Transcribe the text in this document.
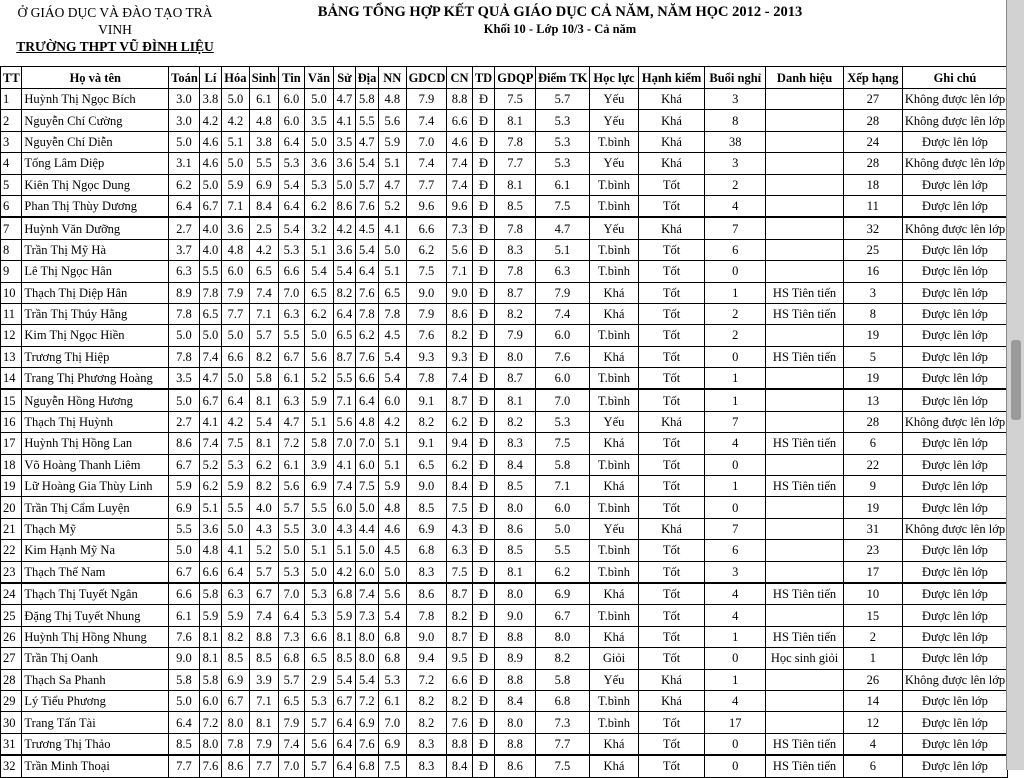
Ở GIÁO DỤC VÀ ĐÀO TẠO TRÀ VINH
TRƯỜNG THPT VŨ ĐÌNH LIỆU
BẢNG TỔNG HỢP KẾT QUẢ GIÁO DỤC CẢ NĂM, NĂM HỌC 2012 - 2013
Khối 10 - Lớp 10/3 - Cả năm
TT	Họ và tên	Toán	Lí	Hóa	Sinh	Tin	Văn	Sử	Địa	NN	GDCD	CN	TD	GDQP	Điểm TK	Học lực	Hạnh kiểm	Buổi nghỉ	Danh hiệu	Xếp hạng	Ghi chú
1	Huỳnh Thị Ngọc Bích	3.0	3.8	5.0	6.1	6.0	5.0	4.7	5.8	4.8	7.9	8.8	Đ	7.5	5.7	Yếu	Khá	3		27	Không được lên lớp
2	Nguyễn Chí Cường	3.0	4.2	4.2	4.8	6.0	3.5	4.1	5.5	5.6	7.4	6.6	Đ	8.1	5.3	Yếu	Khá	8		28	Không được lên lớp
3	Nguyễn Chí Diễn	5.0	4.6	5.1	3.8	6.4	5.0	3.5	4.7	5.9	7.0	4.6	Đ	7.8	5.3	T.bình	Khá	38		24	Được lên lớp
4	Tống Lâm Diệp	3.1	4.6	5.0	5.5	5.3	3.6	3.6	5.4	5.1	7.4	7.4	Đ	7.7	5.3	Yếu	Khá	3		28	Không được lên lớp
5	Kiên Thị Ngọc Dung	6.2	5.0	5.9	6.9	5.4	5.3	5.0	5.7	4.7	7.7	7.4	Đ	8.1	6.1	T.bình	Tốt	2		18	Được lên lớp
6	Phan Thị Thùy Dương	6.4	6.7	7.1	8.4	6.4	6.2	8.6	7.6	5.2	9.6	9.6	Đ	8.5	7.5	T.bình	Tốt	4		11	Được lên lớp
7	Huỳnh Văn Dưỡng	2.7	4.0	3.6	2.5	5.4	3.2	4.2	4.5	4.1	6.6	7.3	Đ	7.8	4.7	Yếu	Khá	7		32	Không được lên lớp
8	Trần Thị Mỹ Hà	3.7	4.0	4.8	4.2	5.3	5.1	3.6	5.4	5.0	6.2	5.6	Đ	8.3	5.1	T.bình	Tốt	6		25	Được lên lớp
9	Lê Thị Ngọc Hân	6.3	5.5	6.0	6.5	6.6	5.4	5.4	6.4	5.1	7.5	7.1	Đ	7.8	6.3	T.bình	Tốt	0		16	Được lên lớp
10	Thạch Thị Diệp Hân	8.9	7.8	7.9	7.4	7.0	6.5	8.2	7.6	6.5	9.0	9.0	Đ	8.7	7.9	Khá	Tốt	1	HS Tiên tiến	3	Được lên lớp
11	Trần Thị Thúy Hằng	7.8	6.5	7.7	7.1	6.3	6.2	6.4	7.8	7.8	7.9	8.6	Đ	8.2	7.4	Khá	Tốt	2	HS Tiên tiến	8	Được lên lớp
12	Kim Thị Ngọc Hiền	5.0	5.0	5.0	5.7	5.5	5.0	6.5	6.2	4.5	7.6	8.2	Đ	7.9	6.0	T.bình	Tốt	2		19	Được lên lớp
13	Trương Thị Hiệp	7.8	7.4	6.6	8.2	6.7	5.6	8.7	7.6	5.4	9.3	9.3	Đ	8.0	7.6	Khá	Tốt	0	HS Tiên tiến	5	Được lên lớp
14	Trang Thị Phương Hoàng	3.5	4.7	5.0	5.8	6.1	5.2	5.5	6.6	5.4	7.8	7.4	Đ	8.7	6.0	T.bình	Tốt	1		19	Được lên lớp
15	Nguyễn Hồng Hương	5.0	6.7	6.4	8.1	6.3	5.9	7.1	6.4	6.0	9.1	8.7	Đ	8.1	7.0	T.bình	Tốt	1		13	Được lên lớp
16	Thạch Thị Huỳnh	2.7	4.1	4.2	5.4	4.7	5.1	5.6	4.8	4.2	8.2	6.2	Đ	8.2	5.3	Yếu	Khá	7		28	Không được lên lớp
17	Huỳnh Thị Hồng Lan	8.6	7.4	7.5	8.1	7.2	5.8	7.0	7.0	5.1	9.1	9.4	Đ	8.3	7.5	Khá	Tốt	4	HS Tiên tiến	6	Được lên lớp
18	Võ Hoàng Thanh Liêm	6.7	5.2	5.3	6.2	6.1	3.9	4.1	6.0	5.1	6.5	6.2	Đ	8.4	5.8	T.bình	Tốt	0		22	Được lên lớp
19	Lữ Hoàng Gia Thùy Linh	5.9	6.2	5.9	8.2	5.6	6.9	7.4	7.5	5.9	9.0	8.4	Đ	8.5	7.1	Khá	Tốt	1	HS Tiên tiến	9	Được lên lớp
20	Trần Thị Cẩm Luyện	6.9	5.1	5.5	4.0	5.7	5.5	6.0	5.0	4.8	8.5	7.5	Đ	8.0	6.0	T.bình	Tốt	0		19	Được lên lớp
21	Thạch Mỹ	5.5	3.6	5.0	4.3	5.5	3.0	4.3	4.4	4.6	6.9	4.3	Đ	8.6	5.0	Yếu	Khá	7		31	Không được lên lớp
22	Kim Hạnh Mỹ Na	5.0	4.8	4.1	5.2	5.0	5.1	5.1	5.0	4.5	6.8	6.3	Đ	8.5	5.5	T.bình	Tốt	6		23	Được lên lớp
23	Thạch Thế Nam	6.7	6.6	6.4	5.7	5.3	5.0	4.2	6.0	5.0	8.3	7.5	Đ	8.1	6.2	T.bình	Tốt	3		17	Được lên lớp
24	Thạch Thị Tuyết Ngân	6.6	5.8	6.3	6.7	7.0	5.3	6.8	7.4	5.6	8.6	8.7	Đ	8.0	6.9	Khá	Tốt	4	HS Tiên tiến	10	Được lên lớp
25	Đặng Thị Tuyết Nhung	6.1	5.9	5.9	7.4	6.4	5.3	5.9	7.3	5.4	7.8	8.2	Đ	9.0	6.7	T.bình	Tốt	4		15	Được lên lớp
26	Huỳnh Thị Hồng Nhung	7.6	8.1	8.2	8.8	7.3	6.6	8.1	8.0	6.8	9.0	8.7	Đ	8.8	8.0	Khá	Tốt	1	HS Tiên tiến	2	Được lên lớp
27	Trần Thị Oanh	9.0	8.1	8.5	8.5	6.8	6.5	8.5	8.0	6.8	9.4	9.5	Đ	8.9	8.2	Giỏi	Tốt	0	Học sinh giỏi	1	Được lên lớp
28	Thạch Sa Phanh	5.8	5.8	6.9	3.9	5.7	2.9	5.4	5.4	5.3	7.2	6.6	Đ	8.8	5.8	Yếu	Khá	1		26	Không được lên lớp
29	Lý Tiểu Phương	5.0	6.0	6.7	7.1	6.5	5.3	6.7	7.2	6.1	8.2	8.2	Đ	8.4	6.8	T.bình	Khá	4		14	Được lên lớp
30	Trang Tấn Tài	6.4	7.2	8.0	8.1	7.9	5.7	6.4	6.9	7.0	8.2	7.6	Đ	8.0	7.3	T.bình	Tốt	17		12	Được lên lớp
31	Trương Thị Thảo	8.5	8.0	7.8	7.9	7.4	5.6	6.4	7.6	6.9	8.3	8.8	Đ	8.8	7.7	Khá	Tốt	0	HS Tiên tiến	4	Được lên lớp
32	Trần Minh Thoại	7.7	7.6	8.6	7.7	7.0	5.7	6.4	6.8	7.5	8.3	8.4	Đ	8.6	7.5	Khá	Tốt	0	HS Tiên tiến	6	Được lên lớp
